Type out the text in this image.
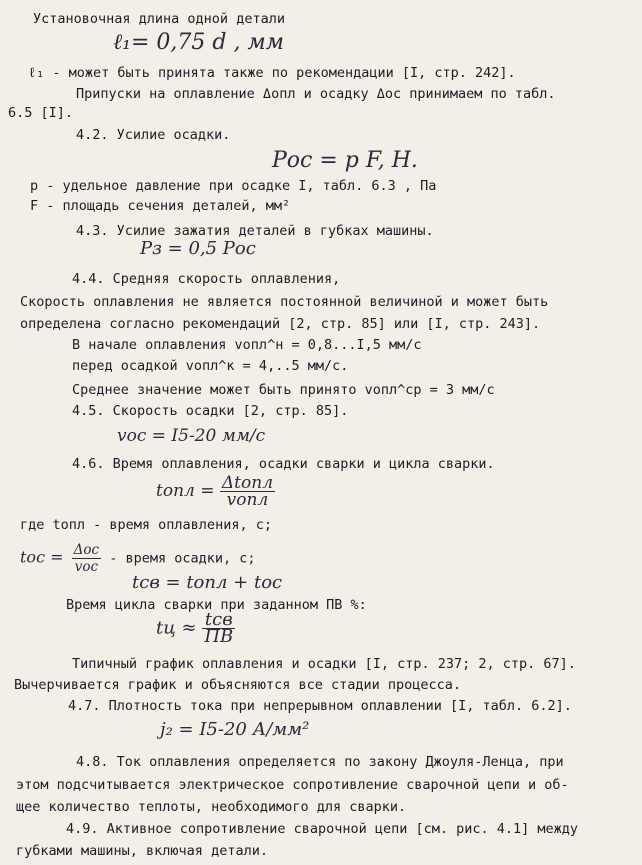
Установочная длина одной детали
ℓ₁= 0,75 d , мм
ℓ₁ - может быть принята также по рекомендации [I, стр. 242].
Припуски на оплавление Δопл и осадку Δос принимаем по табл.
6.5 [I].
4.2. Усилие осадки.
Рос = p F, Н.
p - удельное давление при осадке I, табл. 6.3 , Па
F - площадь сечения деталей, мм²
4.3. Усилие зажатия деталей в губках машины.
Рз = 0,5 Рос
4.4. Средняя скорость оплавления,
Скорость оплавления не является постоянной величиной и может быть
определена согласно рекомендаций [2, стр. 85] или [I, стр. 243].
В начале оплавления vопл^н = 0,8...I,5 мм/с
перед осадкой vопл^к = 4,..5 мм/с.
Среднее значение может быть принято vопл^ср = 3 мм/с
4.5. Скорость осадки [2, стр. 85].
vос = I5-20 мм/с
4.6. Время оплавления, осадки сварки и цикла сварки.
tопл = $\frac{\text{Δtопл}}{\text{vопл}}$
где tопл - время оплавления, с;
tос = $\frac{\text{Δос}}{\text{vос}}$ - время осадки, с;
tсв = tопл + tос
Время цикла сварки при заданном ПВ %:
tц ≈ $\frac{\text{tсв}}{ПВ}$
Типичный график оплавления и осадки [I, стр. 237; 2, стр. 67].
Вычерчивается график и объясняются все стадии процесса.
4.7. Плотность тока при непрерывном оплавлении [I, табл. 6.2].
j₂ = I5-20 А/мм²
4.8. Ток оплавления определяется по закону Джоуля-Ленца, при
этом подсчитывается электрическое сопротивление сварочной цепи и об-
щее количество теплоты, необходимого для сварки.
4.9. Активное сопротивление сварочной цепи [см. рис. 4.1] между
губками машины, включая детали.
